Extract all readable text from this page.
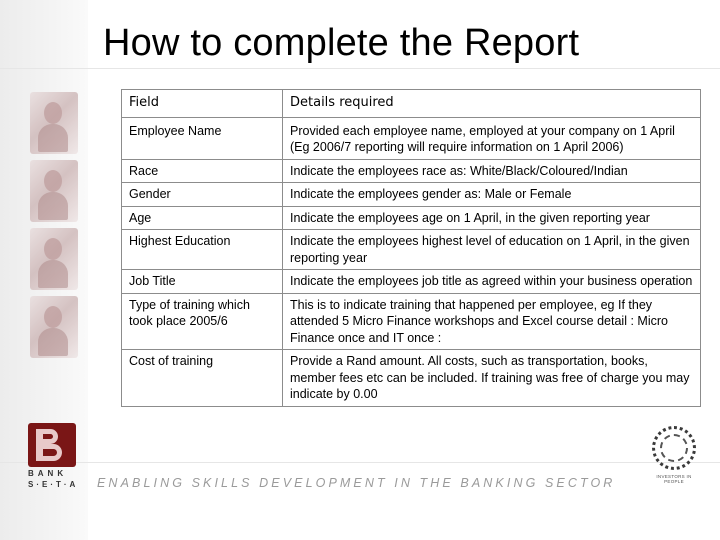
How to complete the Report
Field	Details required
Employee Name	Provided each employee name, employed at your company on 1 April (Eg 2006/7 reporting will require information on 1 April 2006)
Race	Indicate the employees race as: White/Black/Coloured/Indian
Gender	Indicate the employees gender as: Male or Female
Age	Indicate the employees age on 1 April, in the given reporting year
Highest Education	Indicate the employees highest level of education on 1 April, in the given reporting year
Job Title	Indicate the employees job title as agreed within your business operation
Type of training which took place 2005/6	This is to indicate training that happened per employee, eg If they attended 5 Micro Finance workshops and Excel course detail : Micro Finance once and IT once :
Cost of training	Provide a Rand amount. All costs, such as transportation, books, member fees etc can be included. If training was free of charge you may indicate by 0.00
BANK
S·E·T·A ENABLING SKILLS DEVELOPMENT IN THE BANKING SECTOR	INVESTORS IN PEOPLE
